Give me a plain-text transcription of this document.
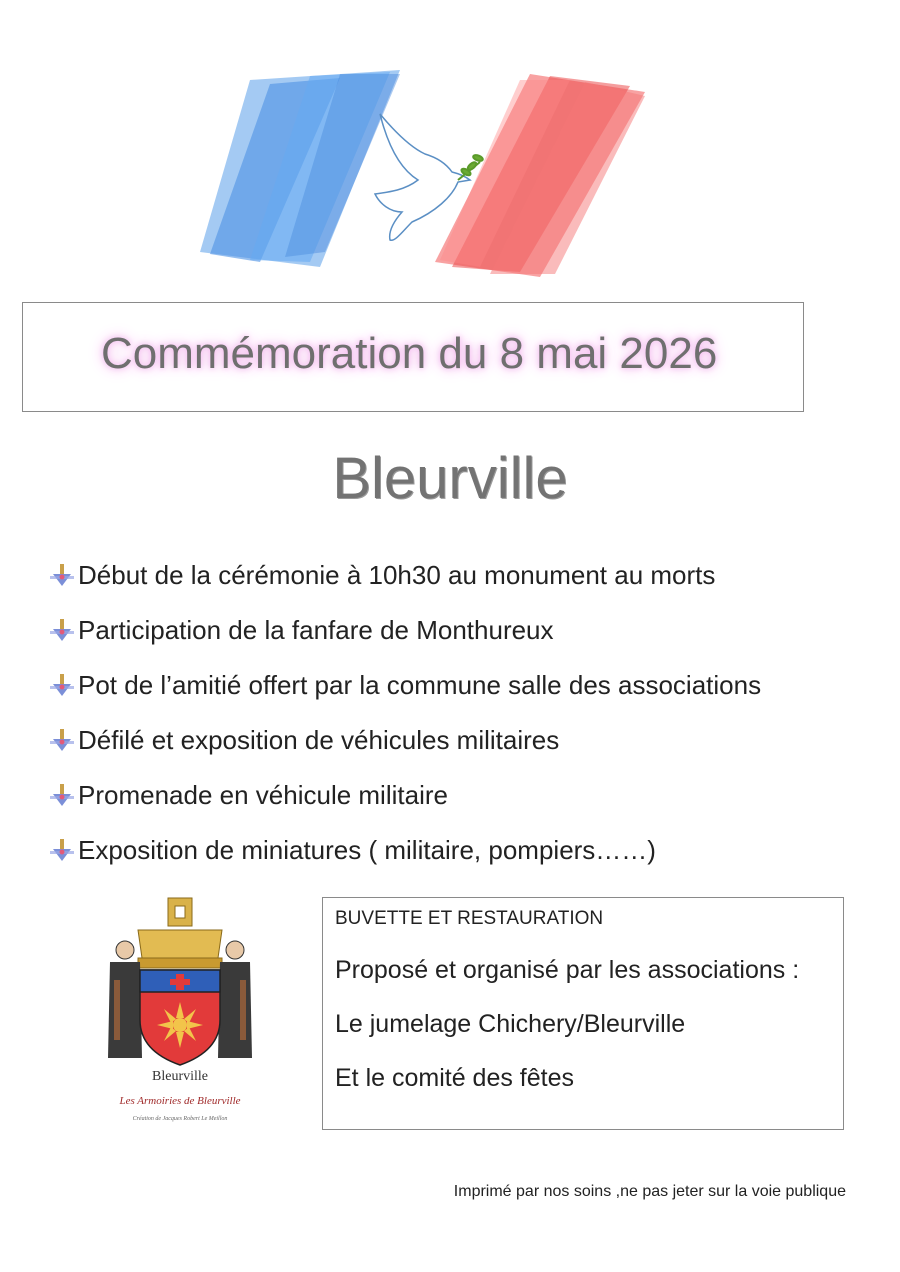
Commémoration du 8 mai 2026
Bleurville
Début de la cérémonie à 10h30 au monument au morts
Participation de la fanfare de Monthureux
Pot de l’amitié offert par la commune salle des associations
Défilé et exposition de véhicules militaires
Promenade en véhicule militaire
Exposition de miniatures ( militaire, pompiers……)
Bleurville
Les Armoiries de Bleurville
Création de Jacques Robert Le Meillon
BUVETTE ET RESTAURATION
Proposé et organisé par les associations :
Le jumelage Chichery/Bleurville
Et le comité des fêtes
Imprimé par nos soins ,ne pas jeter sur la voie publique
